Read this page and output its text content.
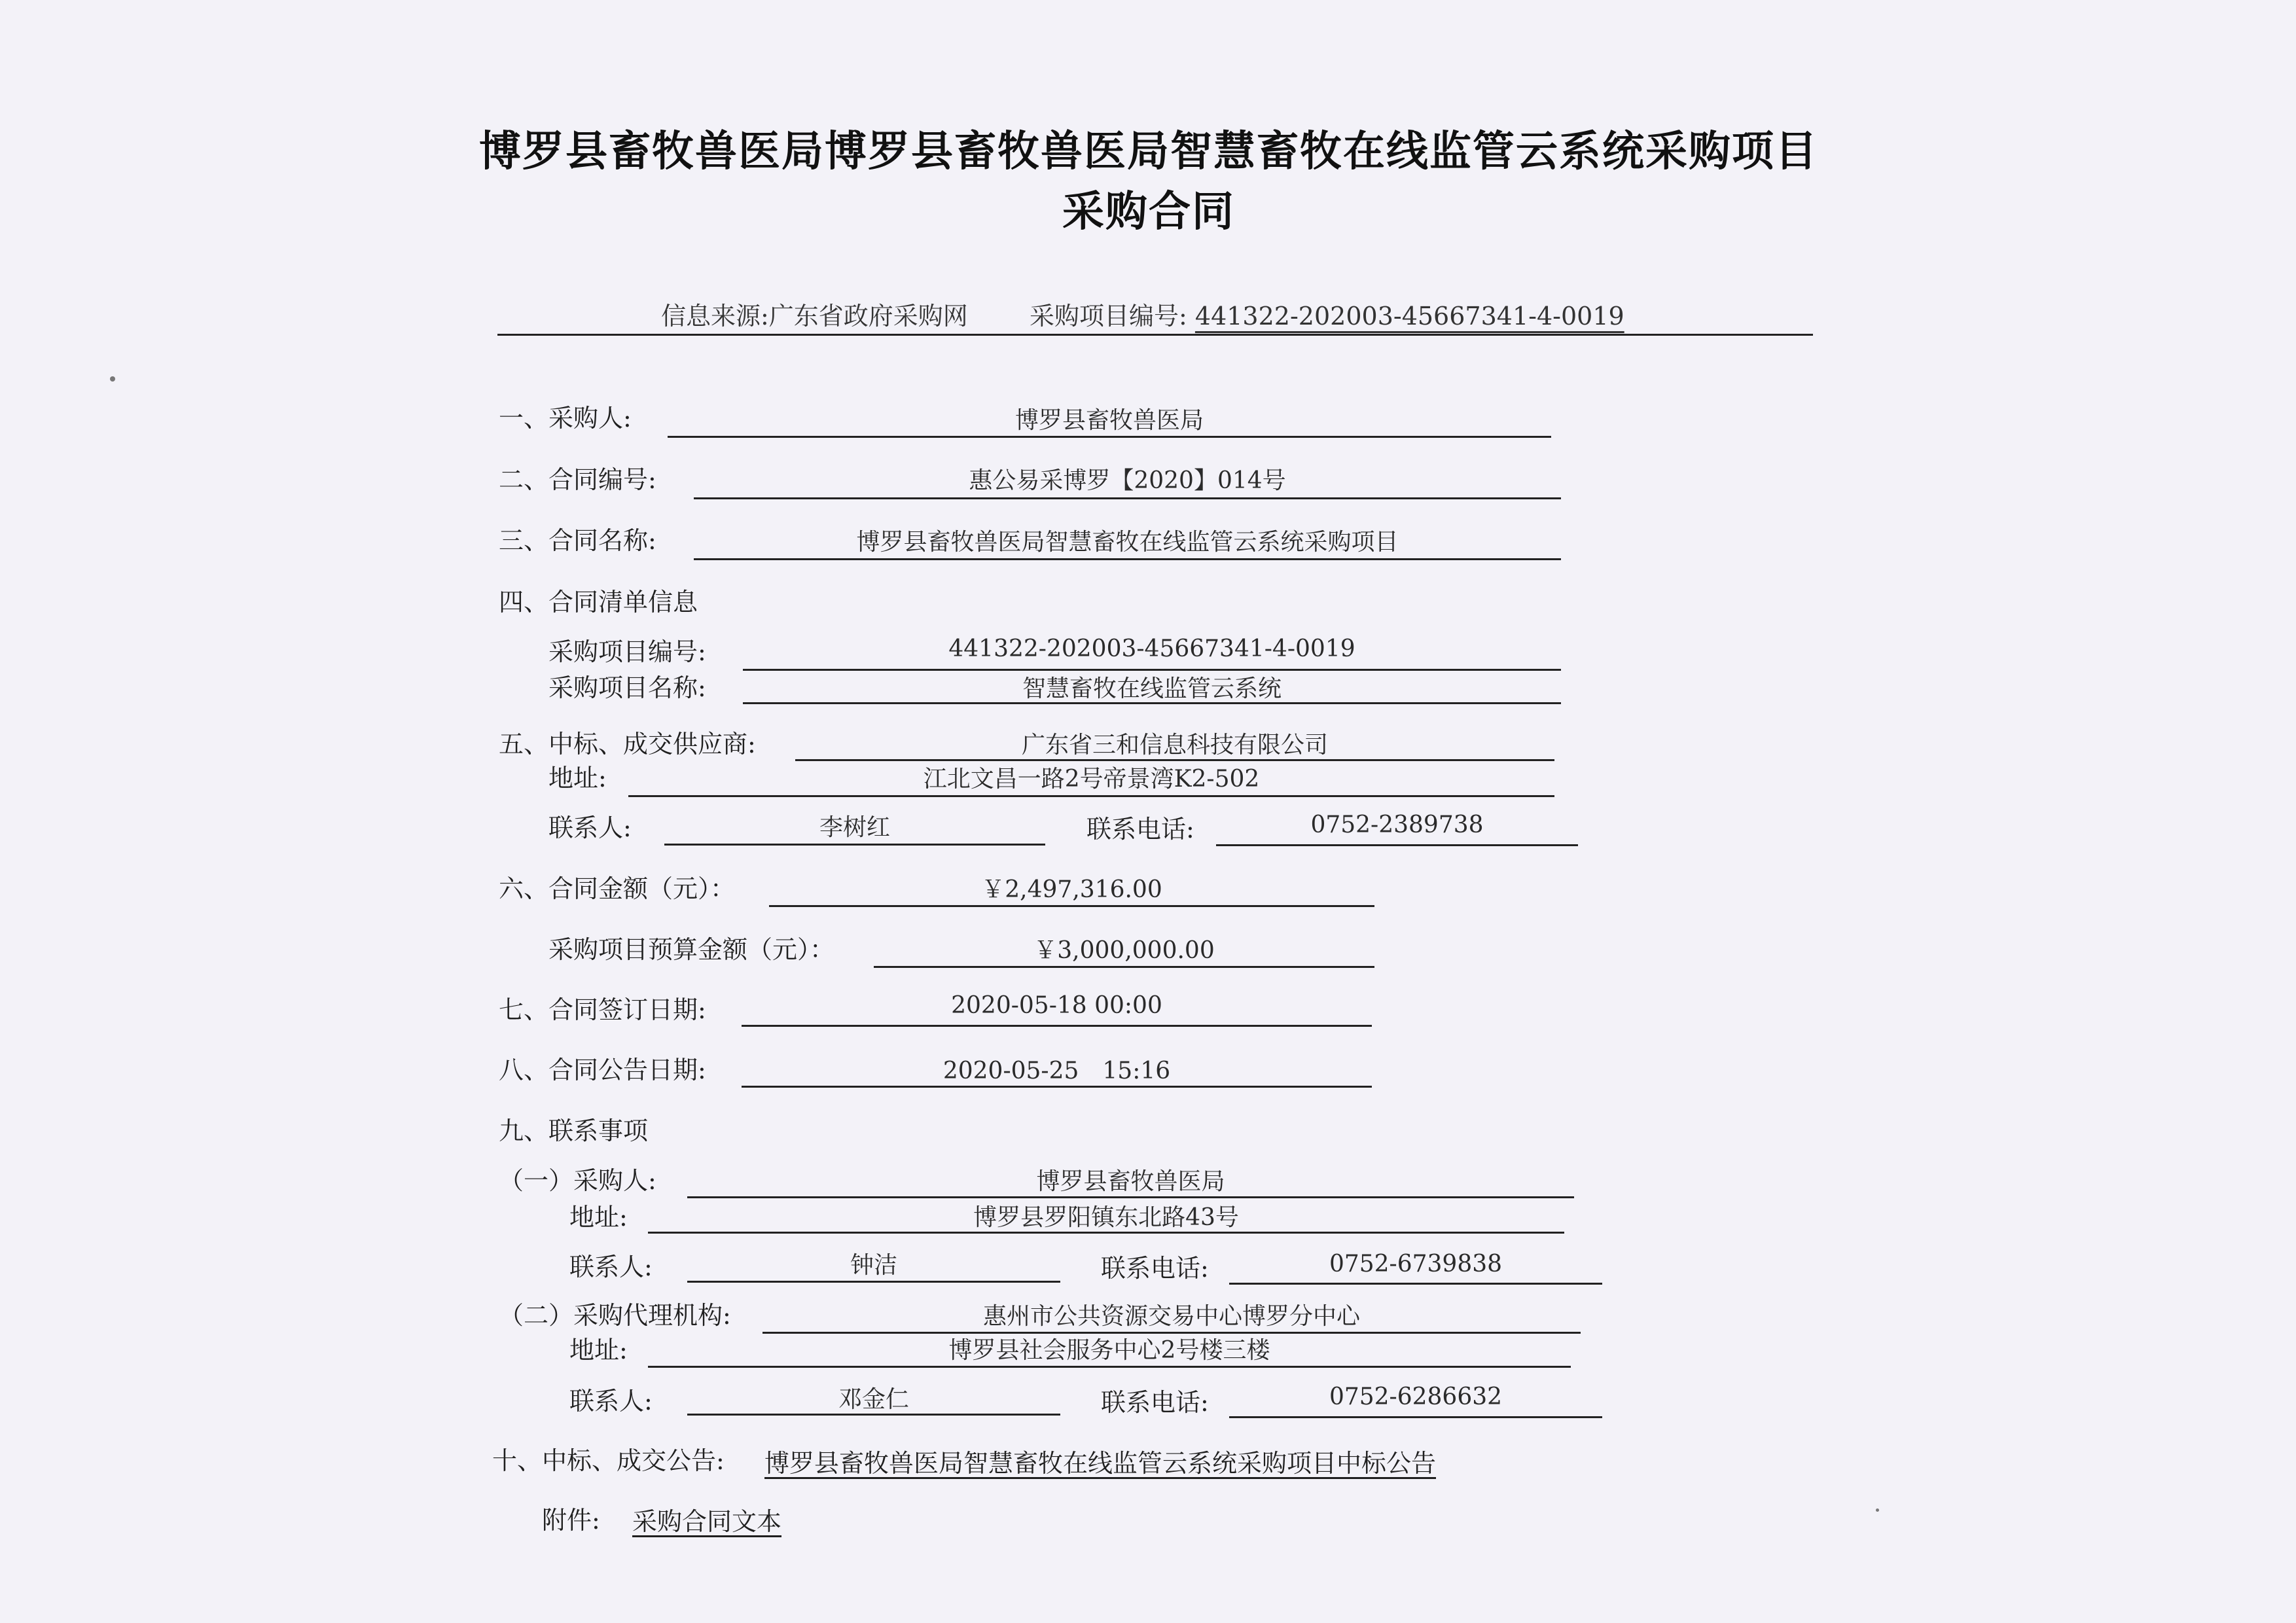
博罗县畜牧兽医局博罗县畜牧兽医局智慧畜牧在线监管云系统采购项目
采购合同
信息来源:广东省政府采购网 采购项目编号: 441322-202003-45667341-4-0019
一、采购人:	博罗县畜牧兽医局
二、合同编号:	惠公易采博罗【2020】014号
三、合同名称:	博罗县畜牧兽医局智慧畜牧在线监管云系统采购项目
四、合同清单信息
采购项目编号:	441322-202003-45667341-4-0019
采购项目名称:	智慧畜牧在线监管云系统
五、中标、成交供应商:	广东省三和信息科技有限公司
地址:	江北文昌一路2号帝景湾K2-502
联系人:	李树红	联系电话:	0752-2389738
六、合同金额（元）：	￥2,497,316.00
采购项目预算金额（元）：	￥3,000,000.00
七、合同签订日期:	2020-05-18 00:00
八、合同公告日期:	2020-05-25　15:16
九、联系事项
（一）采购人:	博罗县畜牧兽医局
地址:	博罗县罗阳镇东北路43号
联系人:	钟洁	联系电话:	0752-6739838
（二）采购代理机构:	惠州市公共资源交易中心博罗分中心
地址:	博罗县社会服务中心2号楼三楼
联系人:	邓金仁	联系电话:	0752-6286632
十、中标、成交公告: 博罗县畜牧兽医局智慧畜牧在线监管云系统采购项目中标公告
附件: 采购合同文本
